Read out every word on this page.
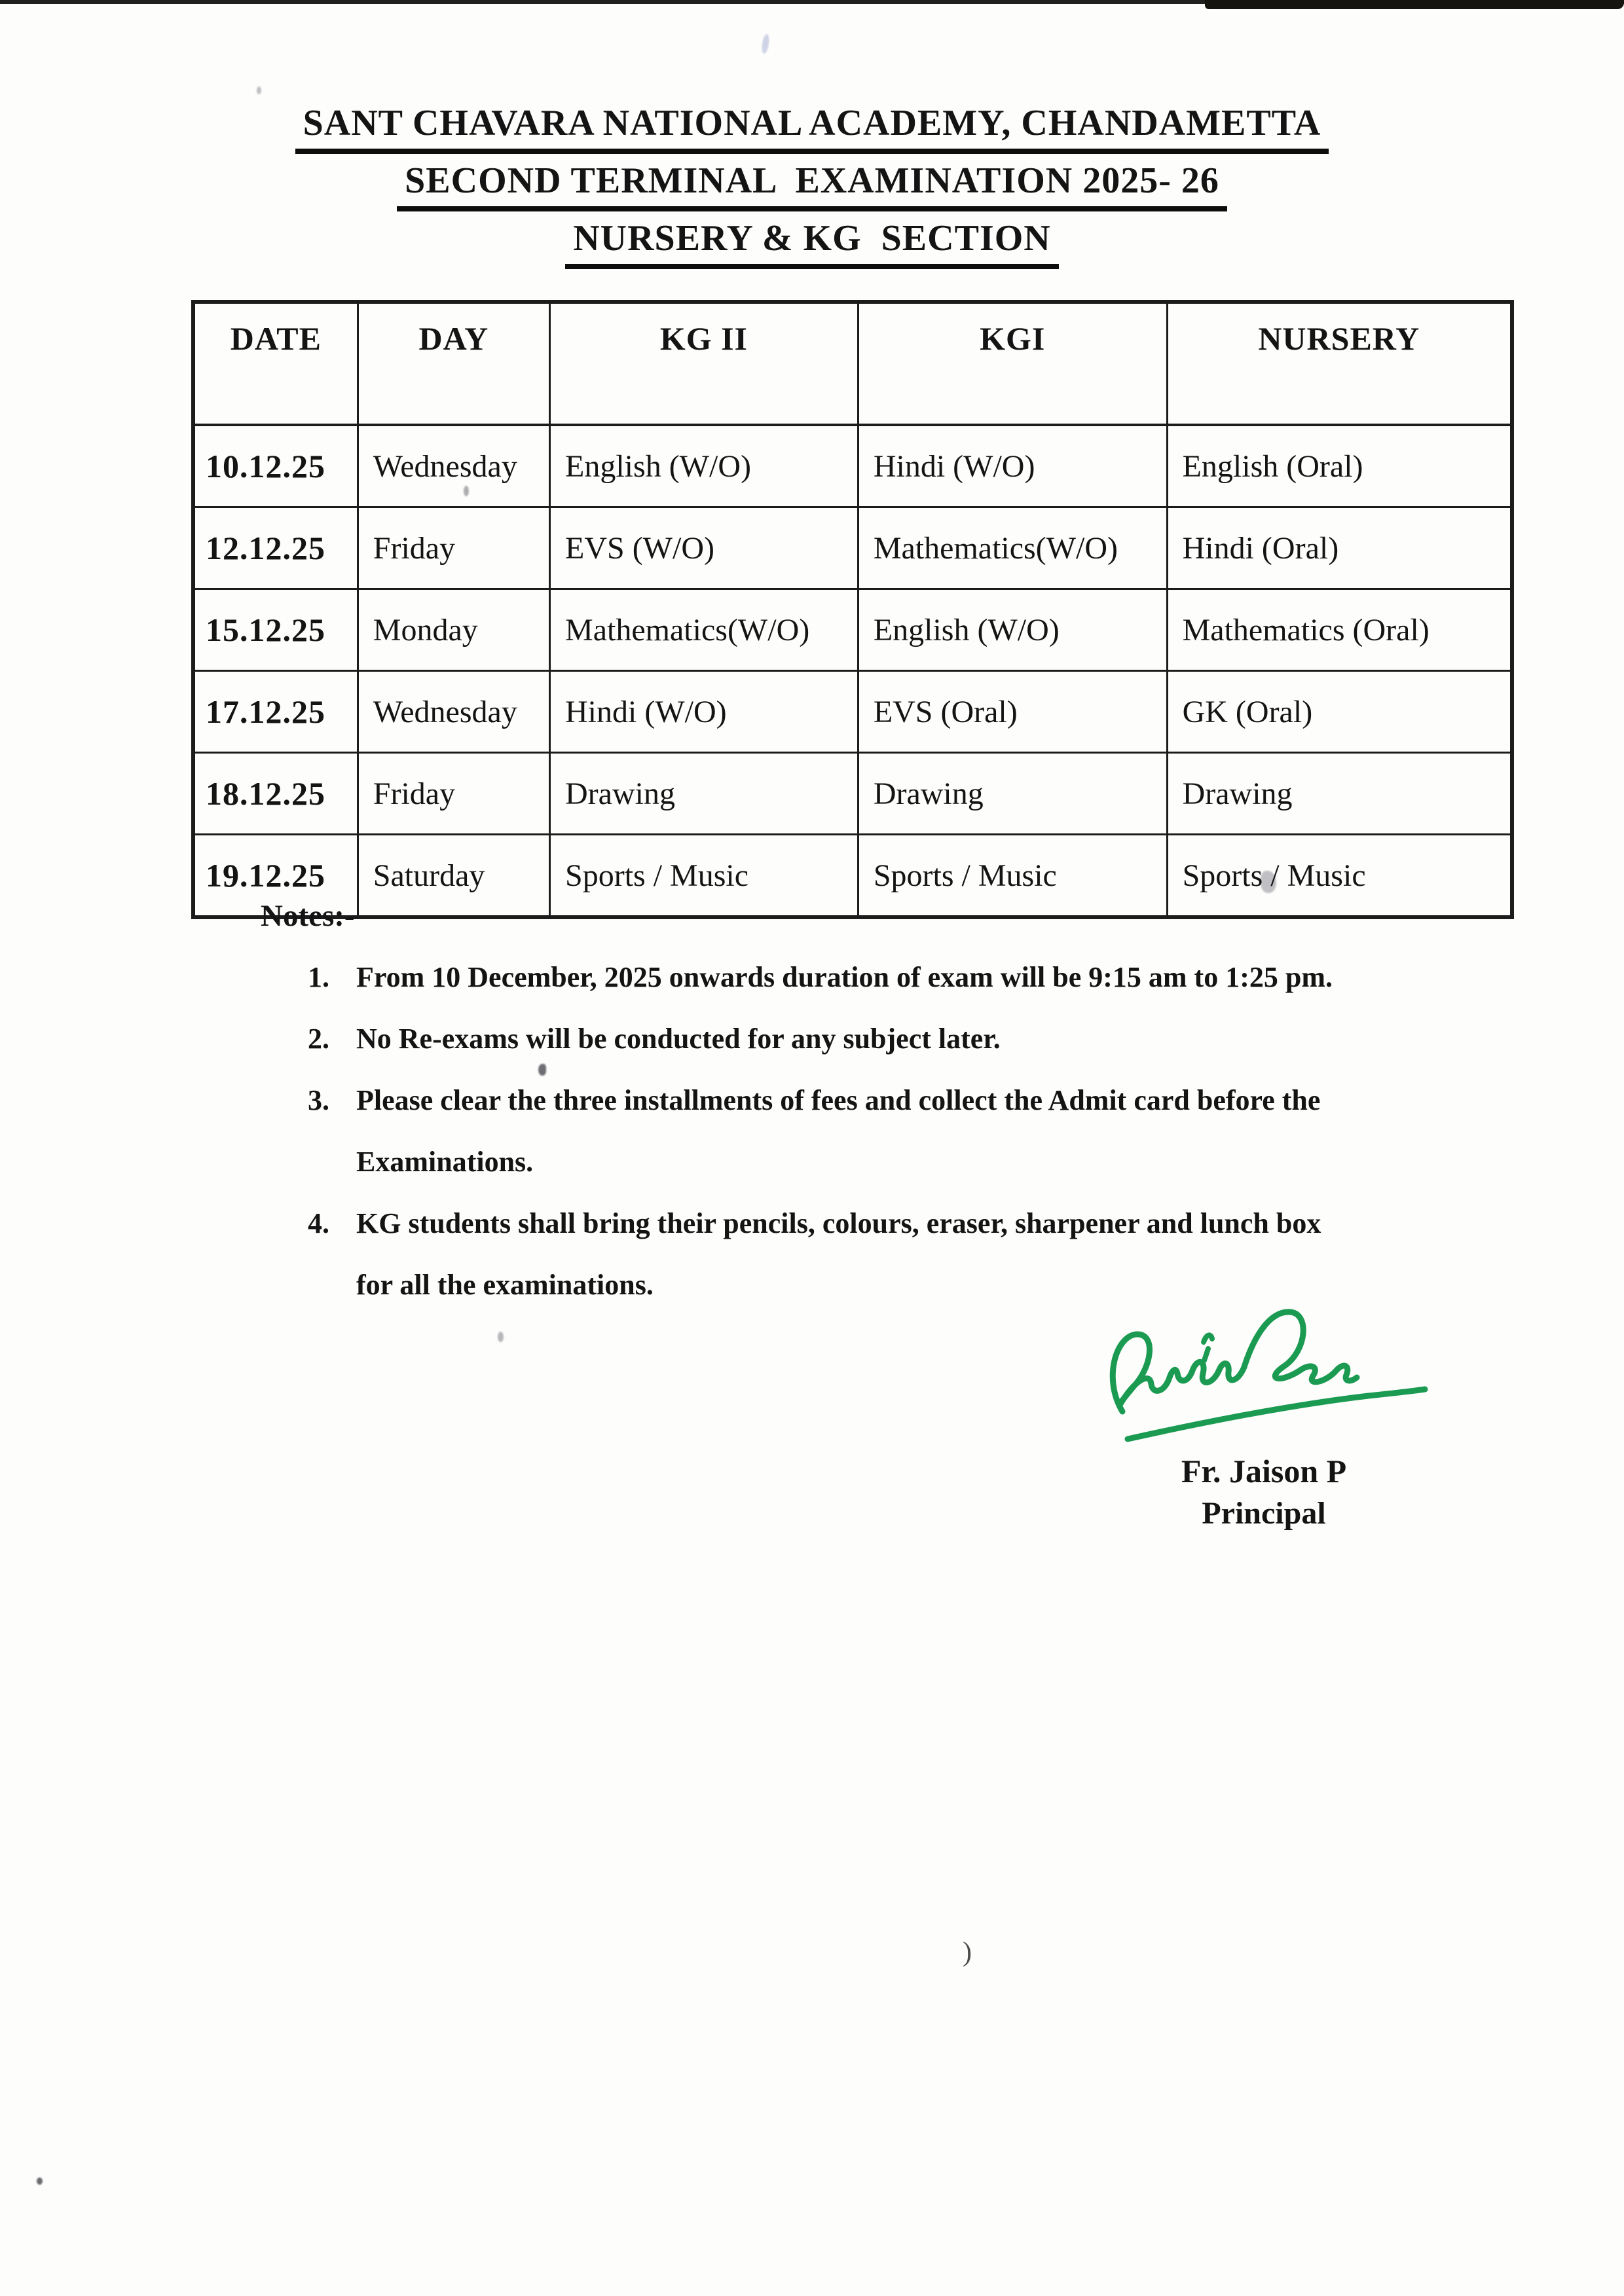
)
SANT CHAVARA NATIONAL ACADEMY, CHANDAMETTA
SECOND TERMINAL  EXAMINATION 2025- 26
NURSERY & KG  SECTION
DATE	DAY	KG II	KGI	NURSERY
10.12.25	Wednesday	English (W/O)	Hindi (W/O)	English (Oral)
12.12.25	Friday	EVS (W/O)	Mathematics(W/O)	Hindi (Oral)
15.12.25	Monday	Mathematics(W/O)	English (W/O)	Mathematics (Oral)
17.12.25	Wednesday	Hindi (W/O)	EVS (Oral)	GK (Oral)
18.12.25	Friday	Drawing	Drawing	Drawing
19.12.25	Saturday	Sports / Music	Sports / Music	Sports / Music
Notes:-
1. From 10 December, 2025 onwards duration of exam will be 9:15 am to 1:25 pm.
2. No Re-exams will be conducted for any subject later.
3. Please clear the three installments of fees and collect the Admit card before the
Examinations.
4. KG students shall bring their pencils, colours, eraser, sharpener and lunch box
for all the examinations.
Fr. Jaison P
Principal
